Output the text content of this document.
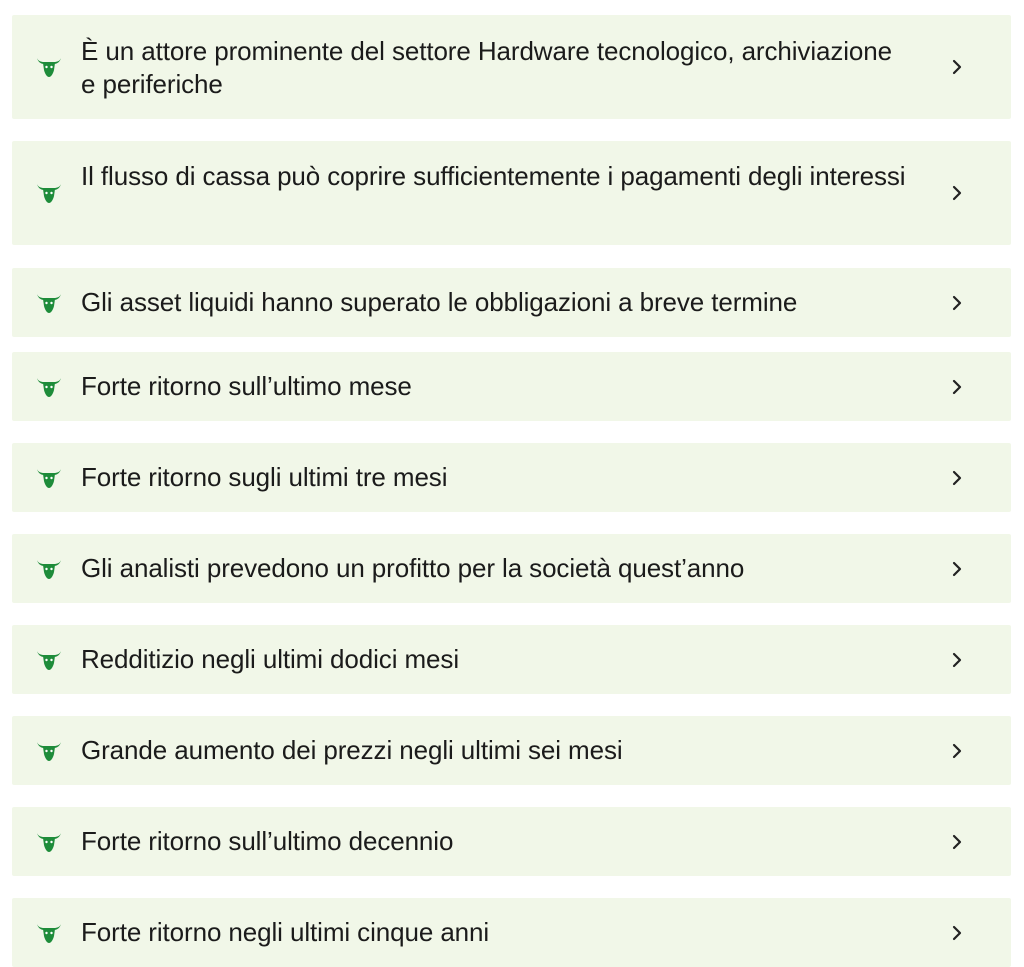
È un attore prominente del settore Hardware tecnologico, archiviazione e periferiche
Il flusso di cassa può coprire sufficientemente i pagamenti degli interessi
Gli asset liquidi hanno superato le obbligazioni a breve termine
Forte ritorno sull’ultimo mese
Forte ritorno sugli ultimi tre mesi
Gli analisti prevedono un profitto per la società quest’anno
Redditizio negli ultimi dodici mesi
Grande aumento dei prezzi negli ultimi sei mesi
Forte ritorno sull’ultimo decennio
Forte ritorno negli ultimi cinque anni
